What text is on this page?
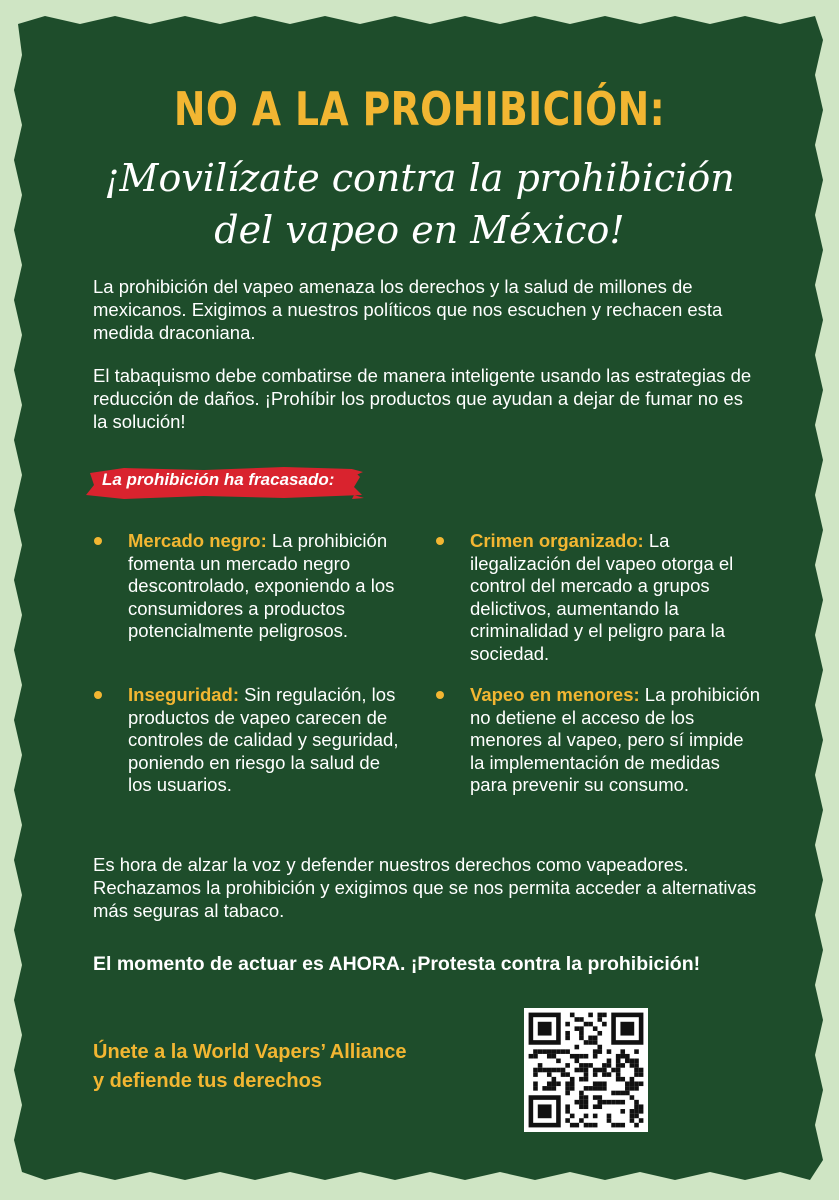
NO A LA PROHIBICIÓN:
¡Movilízate contra la prohibición
del vapeo en México!
La prohibición del vapeo amenaza los derechos y la salud de millones de mexicanos. Exigimos a nuestros políticos que nos escuchen y rechacen esta medida draconiana.
El tabaquismo debe combatirse de manera inteligente usando las estrategias de reducción de daños. ¡Prohíbir los productos que ayudan a dejar de fumar no es la solución!
La prohibición ha fracasado:
Mercado negro: La prohibición fomenta un mercado negro descontrolado, exponiendo a los consumidores a productos potencialmente peligrosos.
Crimen organizado: La ilegalización del vapeo otorga el control del mercado a grupos delictivos, aumentando la criminalidad y el peligro para la sociedad.
Inseguridad: Sin regulación, los productos de vapeo carecen de controles de calidad y seguridad, poniendo en riesgo la salud de los usuarios.
Vapeo en menores: La prohibición no detiene el acceso de los menores al vapeo, pero sí impide la implementación de medidas para prevenir su consumo.
Es hora de alzar la voz y defender nuestros derechos como vapeadores. Rechazamos la prohibición y exigimos que se nos permita acceder a alternativas más seguras al tabaco.
El momento de actuar es AHORA. ¡Protesta contra la prohibición!
Únete a la World Vapers’ Alliance
y defiende tus derechos
